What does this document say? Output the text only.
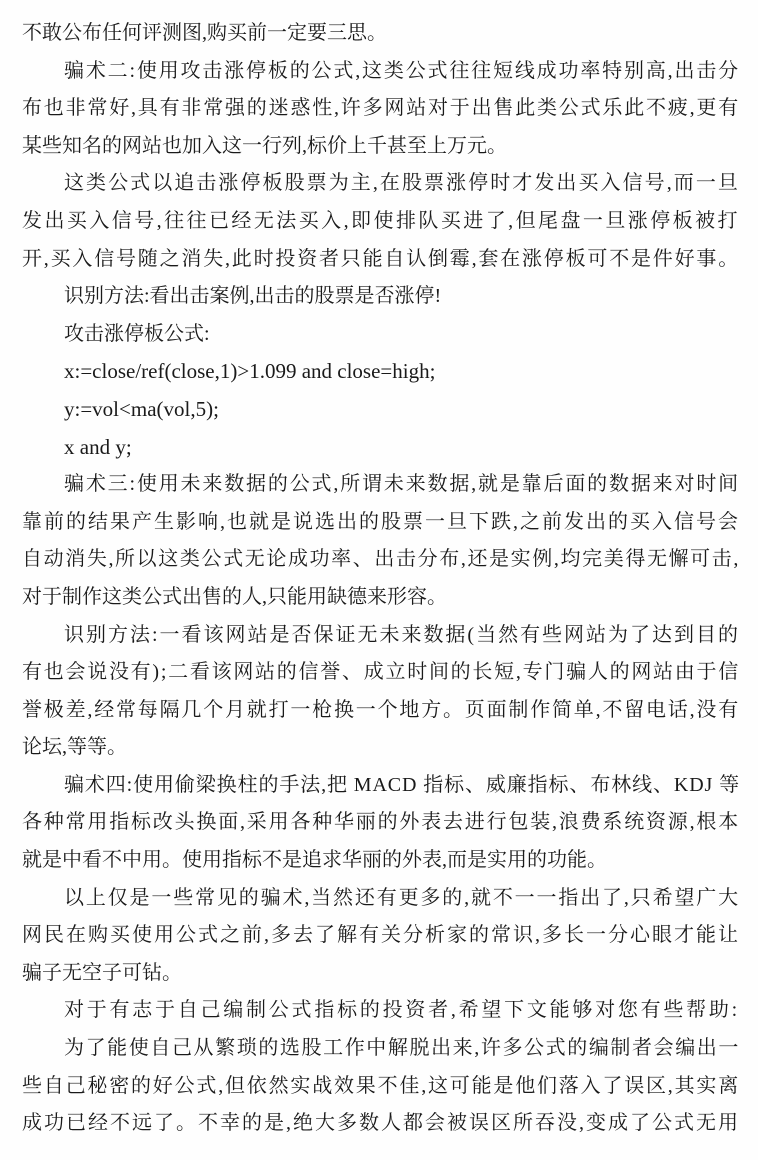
不敢公布任何评测图,购买前一定要三思。
骗术二:使用攻击涨停板的公式,这类公式往往短线成功率特别高,出击分
布也非常好,具有非常强的迷惑性,许多网站对于出售此类公式乐此不疲,更有
某些知名的网站也加入这一行列,标价上千甚至上万元。
这类公式以追击涨停板股票为主,在股票涨停时才发出买入信号,而一旦
发出买入信号,往往已经无法买入,即使排队买进了,但尾盘一旦涨停板被打
开,买入信号随之消失,此时投资者只能自认倒霉,套在涨停板可不是件好事。
识别方法:看出击案例,出击的股票是否涨停!
攻击涨停板公式:
x:=close/ref(close,1)>1.099 and close=high;
y:=vol<ma(vol,5);
x and y;
骗术三:使用未来数据的公式,所谓未来数据,就是靠后面的数据来对时间
靠前的结果产生影响,也就是说选出的股票一旦下跌,之前发出的买入信号会
自动消失,所以这类公式无论成功率、出击分布,还是实例,均完美得无懈可击,
对于制作这类公式出售的人,只能用缺德来形容。
识别方法:一看该网站是否保证无未来数据(当然有些网站为了达到目的
有也会说没有);二看该网站的信誉、成立时间的长短,专门骗人的网站由于信
誉极差,经常每隔几个月就打一枪换一个地方。页面制作简单,不留电话,没有
论坛,等等。
骗术四:使用偷梁换柱的手法,把 MACD 指标、威廉指标、布林线、KDJ 等
各种常用指标改头换面,采用各种华丽的外表去进行包装,浪费系统资源,根本
就是中看不中用。使用指标不是追求华丽的外表,而是实用的功能。
以上仅是一些常见的骗术,当然还有更多的,就不一一指出了,只希望广大
网民在购买使用公式之前,多去了解有关分析家的常识,多长一分心眼才能让
骗子无空子可钻。
对于有志于自己编制公式指标的投资者,希望下文能够对您有些帮助:
为了能使自己从繁琐的选股工作中解脱出来,许多公式的编制者会编出一
些自己秘密的好公式,但依然实战效果不佳,这可能是他们落入了误区,其实离
成功已经不远了。不幸的是,绝大多数人都会被误区所吞没,变成了公式无用
